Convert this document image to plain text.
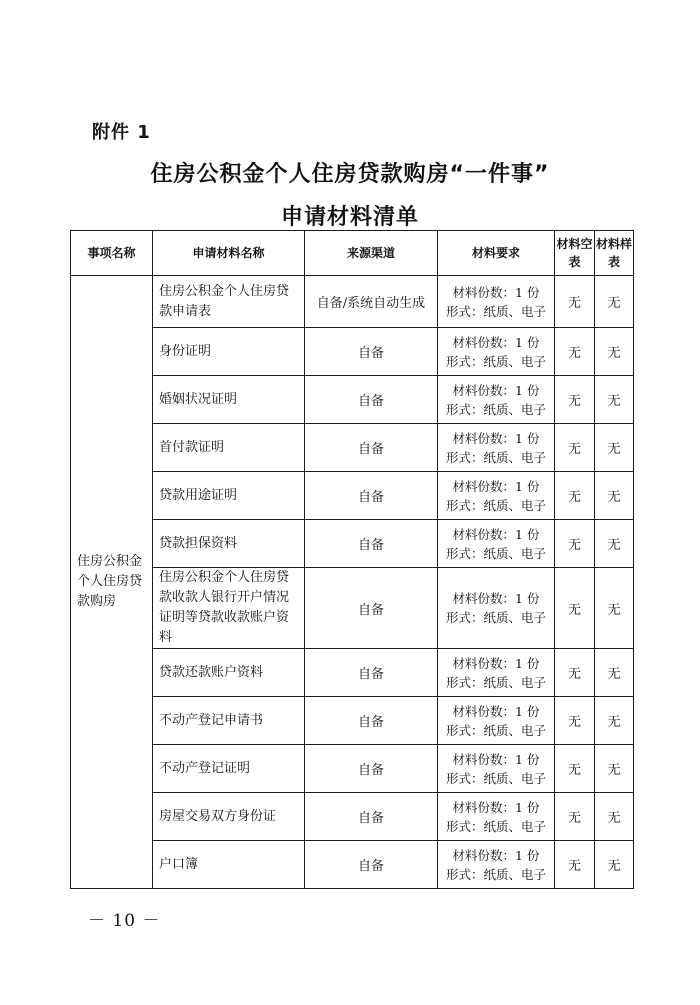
附件 1
住房公积金个人住房贷款购房“一件事”
申请材料清单
事项名称	申请材料名称	来源渠道	材料要求	材料空表	材料样表
住房公积金个人住房贷款购房	住房公积金个人住房贷款申请表	自备/系统自动生成	材料份数：1 份
形式：纸质、电子	无	无
	身份证明	自备	材料份数：1 份
形式：纸质、电子	无	无
	婚姻状况证明	自备	材料份数：1 份
形式：纸质、电子	无	无
	首付款证明	自备	材料份数：1 份
形式：纸质、电子	无	无
	贷款用途证明	自备	材料份数：1 份
形式：纸质、电子	无	无
	贷款担保资料	自备	材料份数：1 份
形式：纸质、电子	无	无
	住房公积金个人住房贷款收款人银行开户情况证明等贷款收款账户资料	自备	材料份数：1 份
形式：纸质、电子	无	无
	贷款还款账户资料	自备	材料份数：1 份
形式：纸质、电子	无	无
	不动产登记申请书	自备	材料份数：1 份
形式：纸质、电子	无	无
	不动产登记证明	自备	材料份数：1 份
形式：纸质、电子	无	无
	房屋交易双方身份证	自备	材料份数：1 份
形式：纸质、电子	无	无
	户口簿	自备	材料份数：1 份
形式：纸质、电子	无	无
－ 10 －
